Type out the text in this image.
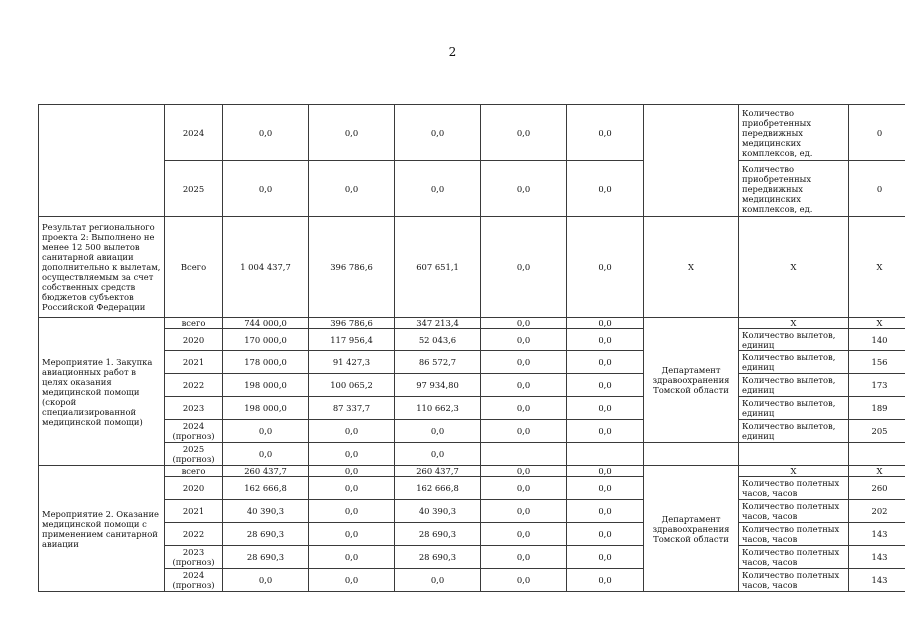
2
	2024	0,0	0,0	0,0	0,0	0,0		Количество приобретенных передвижных медицинских комплексов, ед.	0
	2025	0,0	0,0	0,0	0,0	0,0		Количество приобретенных передвижных медицинских комплексов, ед.	0
Результат регионального проекта 2: Выполнено не менее 12 500 вылетов санитарной авиации дополнительно к вылетам, осуществляемым за счет собственных средств бюджетов субъектов Российской Федерации	Всего	1 004 437,7	396 786,6	607 651,1	0,0	0,0	X	X	X
Мероприятие 1. Закупка авиационных работ в целях оказания медицинской помощи (скорой специализированной медицинской помощи)	всего	744 000,0	396 786,6	347 213,4	0,0	0,0	Департамент здравоохранения Томской области	X	X
	2020	170 000,0	117 956,4	52 043,6	0,0	0,0		Количество вылетов, единиц	140
	2021	178 000,0	91 427,3	86 572,7	0,0	0,0		Количество вылетов, единиц	156
	2022	198 000,0	100 065,2	97 934,80	0,0	0,0		Количество вылетов, единиц	173
	2023	198 000,0	87 337,7	110 662,3	0,0	0,0		Количество вылетов, единиц	189
	2024 (прогноз)	0,0	0,0	0,0	0,0	0,0		Количество вылетов, единиц	205
	2025 (прогноз)	0,0	0,0	0,0					
Мероприятие 2. Оказание медицинской помощи с применением санитарной авиации	всего	260 437,7	0,0	260 437,7	0,0	0,0	Департамент здравоохранения Томской области	X	X
	2020	162 666,8	0,0	162 666,8	0,0	0,0		Количество полетных часов, часов	260
	2021	40 390,3	0,0	40 390,3	0,0	0,0		Количество полетных часов, часов	202
	2022	28 690,3	0,0	28 690,3	0,0	0,0		Количество полетных часов, часов	143
	2023 (прогноз)	28 690,3	0,0	28 690,3	0,0	0,0		Количество полетных часов, часов	143
	2024 (прогноз)	0,0	0,0	0,0	0,0	0,0		Количество полетных часов, часов	143
